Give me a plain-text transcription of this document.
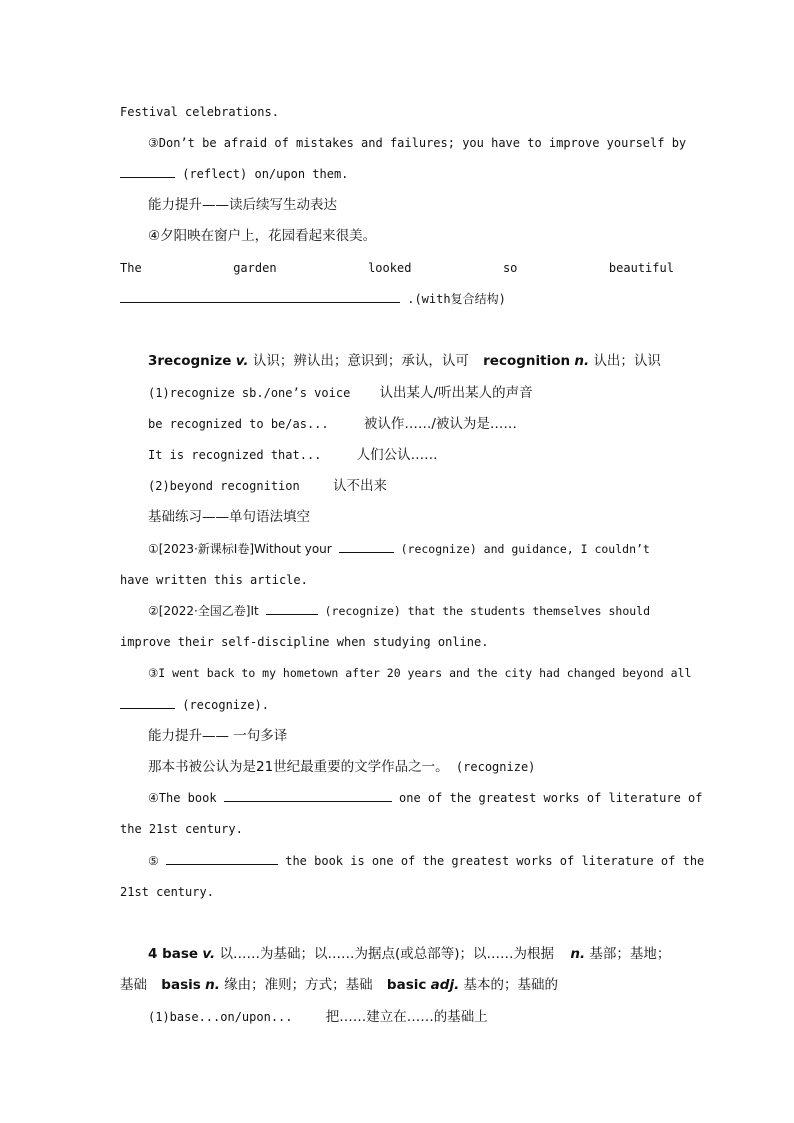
Festival celebrations.
③Don’t be afraid of mistakes and failures; you have to improve yourself by
(reflect) on/upon them.
能力提升——读后续写生动表达
④夕阳映在窗户上，花园看起来很美。
The	garden	looked	so	beautiful
.(with复合结构)
3recognize v. 认识；辨认出；意识到；承认，认可 recognition n. 认出；认识
(1)recognize sb./one’s voice 认出某人/听出某人的声音
be recognized to be/as...	被认作……/被认为是……
It is recognized that...	人们公认……
(2)beyond recognition 认不出来
基础练习——单句语法填空
①[2023·新课标Ⅰ卷]Without your	(recognize) and guidance, I couldn’t
have written this article.
②[2022·全国乙卷]It	(recognize) that the students themselves should
improve their self-discipline when studying online.
③I went back to my hometown after 20 years and the city had changed beyond all
(recognize).
能力提升—— 一句多译
那本书被公认为是21世纪最重要的文学作品之一。 (recognize)
④The book	one of the greatest works of literature of
the 21st century.
⑤	the book is one of the greatest works of literature of the
21st century.
4 base v. 以……为基础；以……为据点(或总部等)；以……为根据 n. 基部；基地；
基础 basis n. 缘由；准则；方式；基础 basic adj. 基本的；基础的
(1)base...on/upon... 把……建立在……的基础上
